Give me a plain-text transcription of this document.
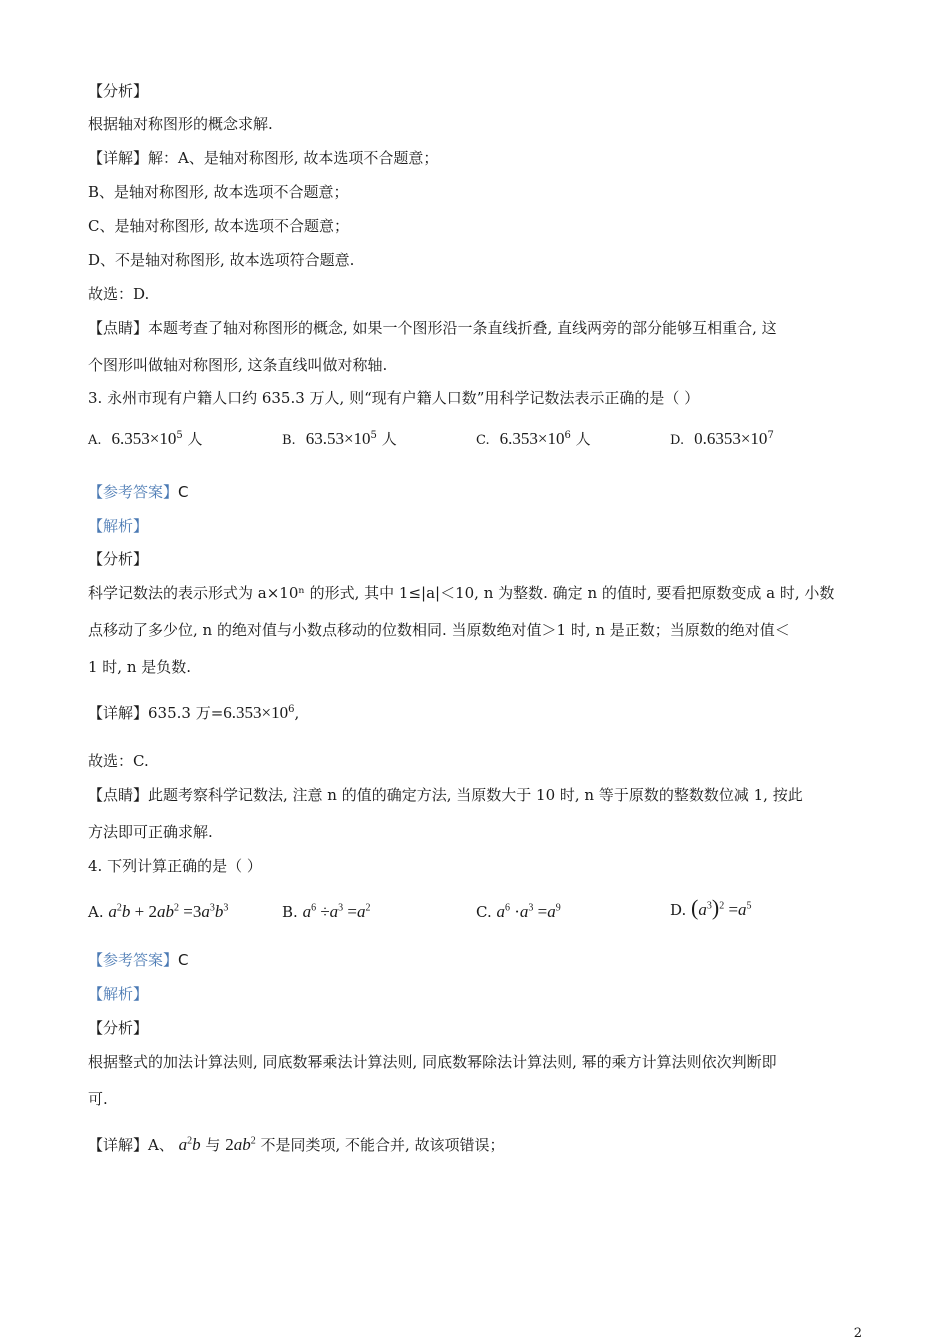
【分析】
根据轴对称图形的概念求解.
【详解】解：A、是轴对称图形, 故本选项不合题意；
B、是轴对称图形, 故本选项不合题意；
C、是轴对称图形, 故本选项不合题意；
D、不是轴对称图形, 故本选项符合题意.
故选：D.
【点睛】本题考查了轴对称图形的概念, 如果一个图形沿一条直线折叠, 直线两旁的部分能够互相重合, 这
个图形叫做轴对称图形, 这条直线叫做对称轴.
3. 永州市现有户籍人口约 635.3 万人, 则“现有户籍人口数”用科学记数法表示正确的是（ ）
A. $6.353\times 10^5$ 人	B. $63.53\times 10^5$ 人	C. $6.353\times 10^6$ 人	D. $0.6353\times 10^7$
【参考答案】C
【解析】
【分析】
科学记数法的表示形式为 a×10ⁿ 的形式, 其中 1≤|a|＜10, n 为整数. 确定 n 的值时, 要看把原数变成 a 时, 小数
点移动了多少位, n 的绝对值与小数点移动的位数相同. 当原数绝对值＞1 时, n 是正数；当原数的绝对值＜
1 时, n 是负数.
【详解】635.3 万$=6.353\times 10^6$,
故选：C.
【点睛】此题考察科学记数法, 注意 n 的值的确定方法, 当原数大于 10 时, n 等于原数的整数数位减 1, 按此
方法即可正确求解.
4. 下列计算正确的是（ ）
A. $a^2b + 2ab^2 =3a^3b^3$	B. $a^6 \div a^3 =a^2$	C. $a^6 \cdot a^3 =a^9$	D. $(a^3)^2 =a^5$
【参考答案】C
【解析】
【分析】
根据整式的加法计算法则, 同底数幂乘法计算法则, 同底数幂除法计算法则, 幂的乘方计算法则依次判断即
可.
【详解】A、 $a^2b$ 与 $2ab^2$ 不是同类项, 不能合并, 故该项错误；
2
